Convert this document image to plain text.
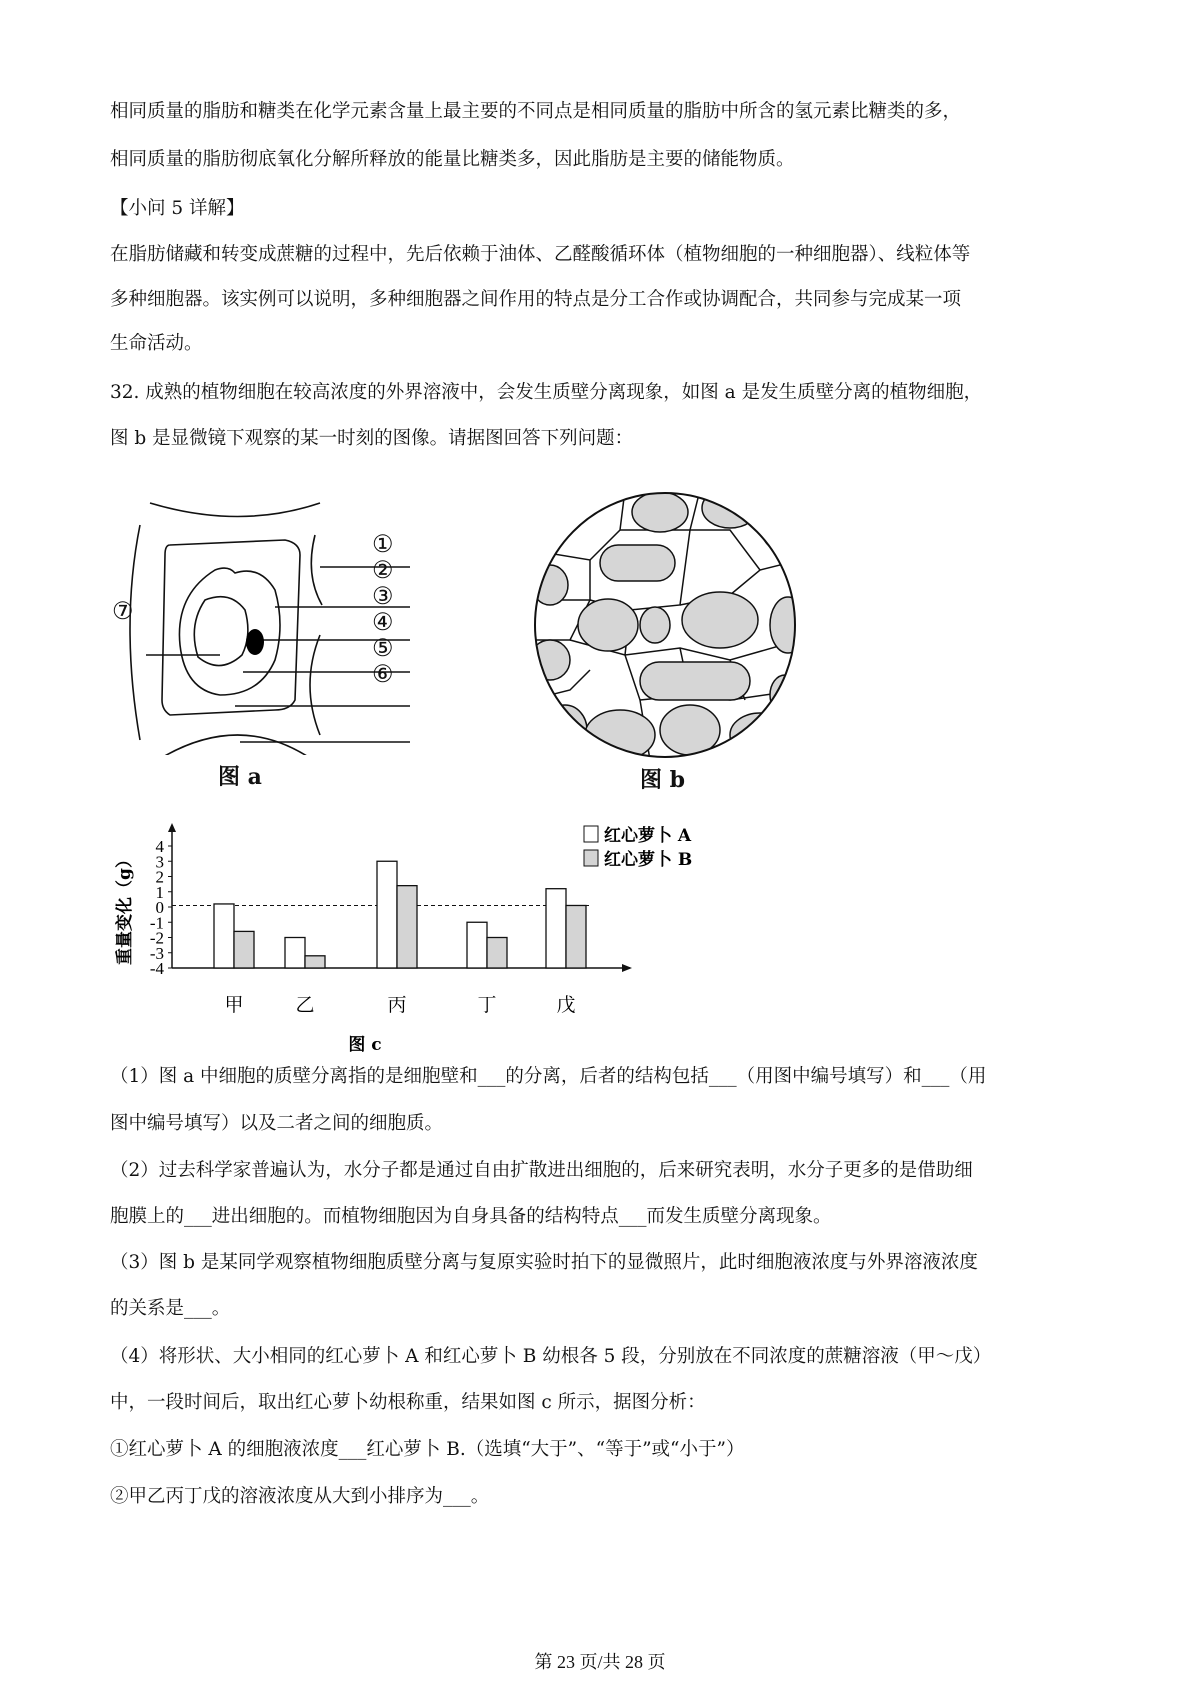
相同质量的脂肪和糖类在化学元素含量上最主要的不同点是相同质量的脂肪中所含的氢元素比糖类的多，
相同质量的脂肪彻底氧化分解所释放的能量比糖类多，因此脂肪是主要的储能物质。
【小问 5 详解】
在脂肪储藏和转变成蔗糖的过程中，先后依赖于油体、乙醛酸循环体（植物细胞的一种细胞器）、线粒体等
多种细胞器。该实例可以说明，多种细胞器之间作用的特点是分工合作或协调配合，共同参与完成某一项
生命活动。
32. 成熟的植物细胞在较高浓度的外界溶液中，会发生质壁分离现象，如图 a 是发生质壁分离的植物细胞，
图 b 是显微镜下观察的某一时刻的图像。请据图回答下列问题：
①
②
③
④
⑤
⑥
⑦
图 a	图 b
4
3
2
1
0
-1
-2
-3
-4
重量变化（g）
甲	乙	丙	丁	戊
红心萝卜 A
红心萝卜 B
图 c
（1）图 a 中细胞的质壁分离指的是细胞壁和___的分离，后者的结构包括___（用图中编号填写）和___（用
图中编号填写）以及二者之间的细胞质。
（2）过去科学家普遍认为，水分子都是通过自由扩散进出细胞的，后来研究表明，水分子更多的是借助细
胞膜上的___进出细胞的。而植物细胞因为自身具备的结构特点___而发生质壁分离现象。
（3）图 b 是某同学观察植物细胞质壁分离与复原实验时拍下的显微照片，此时细胞液浓度与外界溶液浓度
的关系是___。
（4）将形状、大小相同的红心萝卜 A 和红心萝卜 B 幼根各 5 段，分别放在不同浓度的蔗糖溶液（甲～戊）
中，一段时间后，取出红心萝卜幼根称重，结果如图 c 所示，据图分析：
①红心萝卜 A 的细胞液浓度___红心萝卜 B.（选填“大于”、“等于”或“小于”）
②甲乙丙丁戊的溶液浓度从大到小排序为___。
第 23 页/共 28 页
